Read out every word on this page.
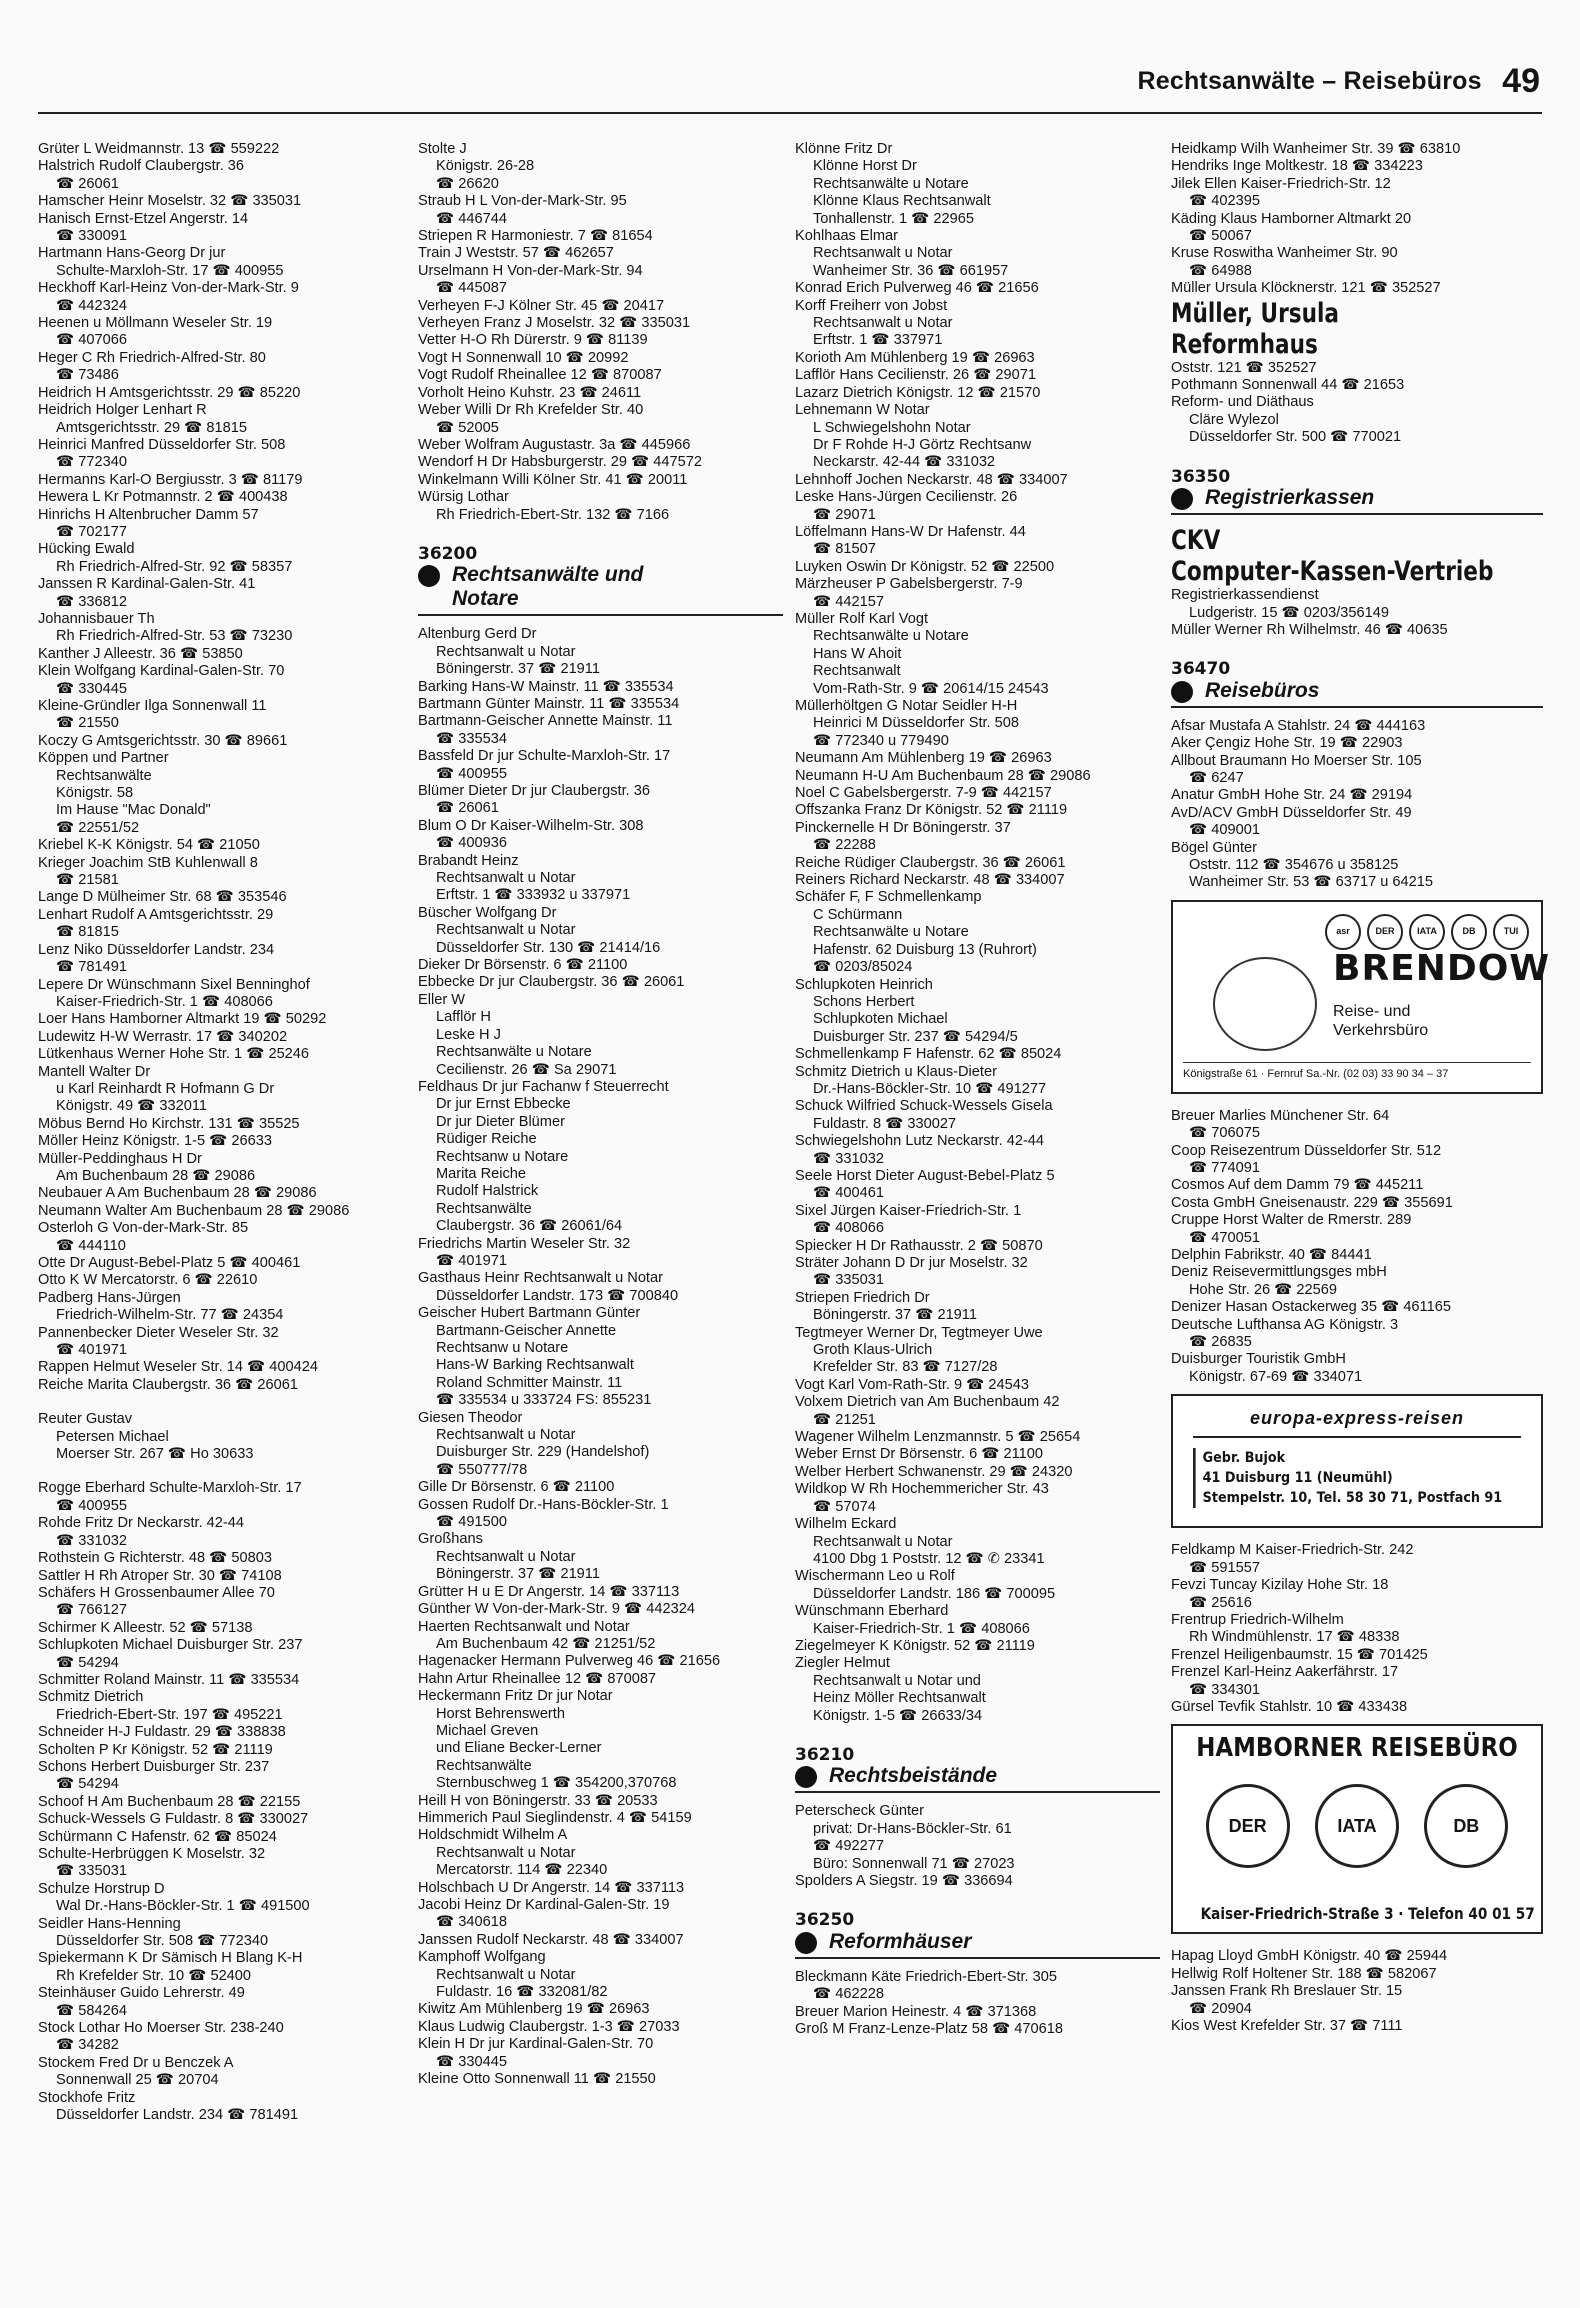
Rechtsanwälte – Reisebüros 49
Grüter L Weidmannstr. 13 ☎ 559222
Halstrich Rudolf Claubergstr. 36
☎ 26061
Hamscher Heinr Moselstr. 32 ☎ 335031
Hanisch Ernst-Etzel Angerstr. 14
☎ 330091
Hartmann Hans-Georg Dr jur
Schulte-Marxloh-Str. 17 ☎ 400955
Heckhoff Karl-Heinz Von-der-Mark-Str. 9
☎ 442324
Heenen u Möllmann Weseler Str. 19
☎ 407066
Heger C Rh Friedrich-Alfred-Str. 80
☎ 73486
Heidrich H Amtsgerichtsstr. 29 ☎ 85220
Heidrich Holger Lenhart R
Amtsgerichtsstr. 29 ☎ 81815
Heinrici Manfred Düsseldorfer Str. 508
☎ 772340
Hermanns Karl-O Bergiusstr. 3 ☎ 81179
Hewera L Kr Potmannstr. 2 ☎ 400438
Hinrichs H Altenbrucher Damm 57
☎ 702177
Hücking Ewald
Rh Friedrich-Alfred-Str. 92 ☎ 58357
Janssen R Kardinal-Galen-Str. 41
☎ 336812
Johannisbauer Th
Rh Friedrich-Alfred-Str. 53 ☎ 73230
Kanther J Alleestr. 36 ☎ 53850
Klein Wolfgang Kardinal-Galen-Str. 70
☎ 330445
Kleine-Gründler Ilga Sonnenwall 11
☎ 21550
Koczy G Amtsgerichtsstr. 30 ☎ 89661
Köppen und Partner
Rechtsanwälte
Königstr. 58
Im Hause "Mac Donald"
☎ 22551/52
Kriebel K-K Königstr. 54 ☎ 21050
Krieger Joachim StB Kuhlenwall 8
☎ 21581
Lange D Mülheimer Str. 68 ☎ 353546
Lenhart Rudolf A Amtsgerichtsstr. 29
☎ 81815
Lenz Niko Düsseldorfer Landstr. 234
☎ 781491
Lepere Dr Wünschmann Sixel Benninghof
Kaiser-Friedrich-Str. 1 ☎ 408066
Loer Hans Hamborner Altmarkt 19 ☎ 50292
Ludewitz H-W Werrastr. 17 ☎ 340202
Lütkenhaus Werner Hohe Str. 1 ☎ 25246
Mantell Walter Dr
u Karl Reinhardt R Hofmann G Dr
Königstr. 49 ☎ 332011
Möbus Bernd Ho Kirchstr. 131 ☎ 35525
Möller Heinz Königstr. 1-5 ☎ 26633
Müller-Peddinghaus H Dr
Am Buchenbaum 28 ☎ 29086
Neubauer A Am Buchenbaum 28 ☎ 29086
Neumann Walter Am Buchenbaum 28 ☎ 29086
Osterloh G Von-der-Mark-Str. 85
☎ 444110
Otte Dr August-Bebel-Platz 5 ☎ 400461
Otto K W Mercatorstr. 6 ☎ 22610
Padberg Hans-Jürgen
Friedrich-Wilhelm-Str. 77 ☎ 24354
Pannenbecker Dieter Weseler Str. 32
☎ 401971
Rappen Helmut Weseler Str. 14 ☎ 400424
Reiche Marita Claubergstr. 36 ☎ 26061
Reuter Gustav
Petersen Michael
Moerser Str. 267 ☎ Ho 30633
Rogge Eberhard Schulte-Marxloh-Str. 17
☎ 400955
Rohde Fritz Dr Neckarstr. 42-44
☎ 331032
Rothstein G Richterstr. 48 ☎ 50803
Sattler H Rh Atroper Str. 30 ☎ 74108
Schäfers H Grossenbaumer Allee 70
☎ 766127
Schirmer K Alleestr. 52 ☎ 57138
Schlupkoten Michael Duisburger Str. 237
☎ 54294
Schmitter Roland Mainstr. 11 ☎ 335534
Schmitz Dietrich
Friedrich-Ebert-Str. 197 ☎ 495221
Schneider H-J Fuldastr. 29 ☎ 338838
Scholten P Kr Königstr. 52 ☎ 21119
Schons Herbert Duisburger Str. 237
☎ 54294
Schoof H Am Buchenbaum 28 ☎ 22155
Schuck-Wessels G Fuldastr. 8 ☎ 330027
Schürmann C Hafenstr. 62 ☎ 85024
Schulte-Herbrüggen K Moselstr. 32
☎ 335031
Schulze Horstrup D
Wal Dr.-Hans-Böckler-Str. 1 ☎ 491500
Seidler Hans-Henning
Düsseldorfer Str. 508 ☎ 772340
Spiekermann K Dr Sämisch H Blang K-H
Rh Krefelder Str. 10 ☎ 52400
Steinhäuser Guido Lehrerstr. 49
☎ 584264
Stock Lothar Ho Moerser Str. 238-240
☎ 34282
Stockem Fred Dr u Benczek A
Sonnenwall 25 ☎ 20704
Stockhofe Fritz
Düsseldorfer Landstr. 234 ☎ 781491
Stolte J
Königstr. 26-28
☎ 26620
Straub H L Von-der-Mark-Str. 95
☎ 446744
Striepen R Harmoniestr. 7 ☎ 81654
Train J Weststr. 57 ☎ 462657
Urselmann H Von-der-Mark-Str. 94
☎ 445087
Verheyen F-J Kölner Str. 45 ☎ 20417
Verheyen Franz J Moselstr. 32 ☎ 335031
Vetter H-O Rh Dürerstr. 9 ☎ 81139
Vogt H Sonnenwall 10 ☎ 20992
Vogt Rudolf Rheinallee 12 ☎ 870087
Vorholt Heino Kuhstr. 23 ☎ 24611
Weber Willi Dr Rh Krefelder Str. 40
☎ 52005
Weber Wolfram Augustastr. 3a ☎ 445966
Wendorf H Dr Habsburgerstr. 29 ☎ 447572
Winkelmann Willi Kölner Str. 41 ☎ 20011
Würsig Lothar
Rh Friedrich-Ebert-Str. 132 ☎ 7166
36200
Rechtsanwälte und
Notare
Altenburg Gerd Dr
Rechtsanwalt u Notar
Böningerstr. 37 ☎ 21911
Barking Hans-W Mainstr. 11 ☎ 335534
Bartmann Günter Mainstr. 11 ☎ 335534
Bartmann-Geischer Annette Mainstr. 11
☎ 335534
Bassfeld Dr jur Schulte-Marxloh-Str. 17
☎ 400955
Blümer Dieter Dr jur Claubergstr. 36
☎ 26061
Blum O Dr Kaiser-Wilhelm-Str. 308
☎ 400936
Brabandt Heinz
Rechtsanwalt u Notar
Erftstr. 1 ☎ 333932 u 337971
Büscher Wolfgang Dr
Rechtsanwalt u Notar
Düsseldorfer Str. 130 ☎ 21414/16
Dieker Dr Börsenstr. 6 ☎ 21100
Ebbecke Dr jur Claubergstr. 36 ☎ 26061
Eller W
Lafflör H
Leske H J
Rechtsanwälte u Notare
Cecilienstr. 26 ☎ Sa 29071
Feldhaus Dr jur Fachanw f Steuerrecht
Dr jur Ernst Ebbecke
Dr jur Dieter Blümer
Rüdiger Reiche
Rechtsanw u Notare
Marita Reiche
Rudolf Halstrick
Rechtsanwälte
Claubergstr. 36 ☎ 26061/64
Friedrichs Martin Weseler Str. 32
☎ 401971
Gasthaus Heinr Rechtsanwalt u Notar
Düsseldorfer Landstr. 173 ☎ 700840
Geischer Hubert Bartmann Günter
Bartmann-Geischer Annette
Rechtsanw u Notare
Hans-W Barking Rechtsanwalt
Roland Schmitter Mainstr. 11
☎ 335534 u 333724 FS: 855231
Giesen Theodor
Rechtsanwalt u Notar
Duisburger Str. 229 (Handelshof)
☎ 550777/78
Gille Dr Börsenstr. 6 ☎ 21100
Gossen Rudolf Dr.-Hans-Böckler-Str. 1
☎ 491500
Großhans
Rechtsanwalt u Notar
Böningerstr. 37 ☎ 21911
Grütter H u E Dr Angerstr. 14 ☎ 337113
Günther W Von-der-Mark-Str. 9 ☎ 442324
Haerten Rechtsanwalt und Notar
Am Buchenbaum 42 ☎ 21251/52
Hagenacker Hermann Pulverweg 46 ☎ 21656
Hahn Artur Rheinallee 12 ☎ 870087
Heckermann Fritz Dr jur Notar
Horst Behrenswerth
Michael Greven
und Eliane Becker-Lerner
Rechtsanwälte
Sternbuschweg 1 ☎ 354200,370768
Heill H von Böningerstr. 33 ☎ 20533
Himmerich Paul Sieglindenstr. 4 ☎ 54159
Holdschmidt Wilhelm A
Rechtsanwalt u Notar
Mercatorstr. 114 ☎ 22340
Holschbach U Dr Angerstr. 14 ☎ 337113
Jacobi Heinz Dr Kardinal-Galen-Str. 19
☎ 340618
Janssen Rudolf Neckarstr. 48 ☎ 334007
Kamphoff Wolfgang
Rechtsanwalt u Notar
Fuldastr. 16 ☎ 332081/82
Kiwitz Am Mühlenberg 19 ☎ 26963
Klaus Ludwig Claubergstr. 1-3 ☎ 27033
Klein H Dr jur Kardinal-Galen-Str. 70
☎ 330445
Kleine Otto Sonnenwall 11 ☎ 21550
Klönne Fritz Dr
Klönne Horst Dr
Rechtsanwälte u Notare
Klönne Klaus Rechtsanwalt
Tonhallenstr. 1 ☎ 22965
Kohlhaas Elmar
Rechtsanwalt u Notar
Wanheimer Str. 36 ☎ 661957
Konrad Erich Pulverweg 46 ☎ 21656
Korff Freiherr von Jobst
Rechtsanwalt u Notar
Erftstr. 1 ☎ 337971
Korioth Am Mühlenberg 19 ☎ 26963
Lafflör Hans Cecilienstr. 26 ☎ 29071
Lazarz Dietrich Königstr. 12 ☎ 21570
Lehnemann W Notar
L Schwiegelshohn Notar
Dr F Rohde H-J Görtz Rechtsanw
Neckarstr. 42-44 ☎ 331032
Lehnhoff Jochen Neckarstr. 48 ☎ 334007
Leske Hans-Jürgen Cecilienstr. 26
☎ 29071
Löffelmann Hans-W Dr Hafenstr. 44
☎ 81507
Luyken Oswin Dr Königstr. 52 ☎ 22500
Märzheuser P Gabelsbergerstr. 7-9
☎ 442157
Müller Rolf Karl Vogt
Rechtsanwälte u Notare
Hans W Ahoit
Rechtsanwalt
Vom-Rath-Str. 9 ☎ 20614/15 24543
Müllerhöltgen G Notar Seidler H-H
Heinrici M Düsseldorfer Str. 508
☎ 772340 u 779490
Neumann Am Mühlenberg 19 ☎ 26963
Neumann H-U Am Buchenbaum 28 ☎ 29086
Noel C Gabelsbergerstr. 7-9 ☎ 442157
Offszanka Franz Dr Königstr. 52 ☎ 21119
Pinckernelle H Dr Böningerstr. 37
☎ 22288
Reiche Rüdiger Claubergstr. 36 ☎ 26061
Reiners Richard Neckarstr. 48 ☎ 334007
Schäfer F, F Schmellenkamp
C Schürmann
Rechtsanwälte u Notare
Hafenstr. 62 Duisburg 13 (Ruhrort)
☎ 0203/85024
Schlupkoten Heinrich
Schons Herbert
Schlupkoten Michael
Duisburger Str. 237 ☎ 54294/5
Schmellenkamp F Hafenstr. 62 ☎ 85024
Schmitz Dietrich u Klaus-Dieter
Dr.-Hans-Böckler-Str. 10 ☎ 491277
Schuck Wilfried Schuck-Wessels Gisela
Fuldastr. 8 ☎ 330027
Schwiegelshohn Lutz Neckarstr. 42-44
☎ 331032
Seele Horst Dieter August-Bebel-Platz 5
☎ 400461
Sixel Jürgen Kaiser-Friedrich-Str. 1
☎ 408066
Spiecker H Dr Rathausstr. 2 ☎ 50870
Sträter Johann D Dr jur Moselstr. 32
☎ 335031
Striepen Friedrich Dr
Böningerstr. 37 ☎ 21911
Tegtmeyer Werner Dr, Tegtmeyer Uwe
Groth Klaus-Ulrich
Krefelder Str. 83 ☎ 7127/28
Vogt Karl Vom-Rath-Str. 9 ☎ 24543
Volxem Dietrich van Am Buchenbaum 42
☎ 21251
Wagener Wilhelm Lenzmannstr. 5 ☎ 25654
Weber Ernst Dr Börsenstr. 6 ☎ 21100
Welber Herbert Schwanenstr. 29 ☎ 24320
Wildkop W Rh Hochemmericher Str. 43
☎ 57074
Wilhelm Eckard
Rechtsanwalt u Notar
4100 Dbg 1 Poststr. 12 ☎ ✆ 23341
Wischermann Leo u Rolf
Düsseldorfer Landstr. 186 ☎ 700095
Wünschmann Eberhard
Kaiser-Friedrich-Str. 1 ☎ 408066
Ziegelmeyer K Königstr. 52 ☎ 21119
Ziegler Helmut
Rechtsanwalt u Notar und
Heinz Möller Rechtsanwalt
Königstr. 1-5 ☎ 26633/34
36210
Rechtsbeistände
Peterscheck Günter
privat: Dr-Hans-Böckler-Str. 61
☎ 492277
Büro: Sonnenwall 71 ☎ 27023
Spolders A Siegstr. 19 ☎ 336694
36250
Reformhäuser
Bleckmann Käte Friedrich-Ebert-Str. 305
☎ 462228
Breuer Marion Heinestr. 4 ☎ 371368
Groß M Franz-Lenze-Platz 58 ☎ 470618
Heidkamp Wilh Wanheimer Str. 39 ☎ 63810
Hendriks Inge Moltkestr. 18 ☎ 334223
Jilek Ellen Kaiser-Friedrich-Str. 12
☎ 402395
Käding Klaus Hamborner Altmarkt 20
☎ 50067
Kruse Roswitha Wanheimer Str. 90
☎ 64988
Müller Ursula Klöcknerstr. 121 ☎ 352527
Müller, Ursula
Reformhaus
Oststr. 121 ☎ 352527
Pothmann Sonnenwall 44 ☎ 21653
Reform- und Diäthaus
Cläre Wylezol
Düsseldorfer Str. 500 ☎ 770021
36350
Registrierkassen
CKV
Computer-Kassen-Vertrieb
Registrierkassendienst
Ludgeristr. 15 ☎ 0203/356149
Müller Werner Rh Wilhelmstr. 46 ☎ 40635
36470
Reisebüros
Afsar Mustafa A Stahlstr. 24 ☎ 444163
Aker Çengiz Hohe Str. 19 ☎ 22903
Allbout Braumann Ho Moerser Str. 105
☎ 6247
Anatur GmbH Hohe Str. 24 ☎ 29194
AvD/ACV GmbH Düsseldorfer Str. 49
☎ 409001
Bögel Günter
Oststr. 112 ☎ 354676 u 358125
Wanheimer Str. 53 ☎ 63717 u 64215
asr	DER	IATA	DB	TUI
BRENDOW
Reise- und
Verkehrsbüro
Königstraße 61 · Fernruf Sa.-Nr. (02 03) 33 90 34 – 37
Breuer Marlies Münchener Str. 64
☎ 706075
Coop Reisezentrum Düsseldorfer Str. 512
☎ 774091
Cosmos Auf dem Damm 79 ☎ 445211
Costa GmbH Gneisenaustr. 229 ☎ 355691
Cruppe Horst Walter de Rmerstr. 289
☎ 470051
Delphin Fabrikstr. 40 ☎ 84441
Deniz Reisevermittlungsges mbH
Hohe Str. 26 ☎ 22569
Denizer Hasan Ostackerweg 35 ☎ 461165
Deutsche Lufthansa AG Königstr. 3
☎ 26835
Duisburger Touristik GmbH
Königstr. 67-69 ☎ 334071
europa-express-reisen
Gebr. Bujok
41 Duisburg 11 (Neumühl)
Stempelstr. 10, Tel. 58 30 71, Postfach 91
Feldkamp M Kaiser-Friedrich-Str. 242
☎ 591557
Fevzi Tuncay Kizilay Hohe Str. 18
☎ 25616
Frentrup Friedrich-Wilhelm
Rh Windmühlenstr. 17 ☎ 48338
Frenzel Heiligenbaumstr. 15 ☎ 701425
Frenzel Karl-Heinz Aakerfährstr. 17
☎ 334301
Gürsel Tevfik Stahlstr. 10 ☎ 433438
HAMBORNER REISEBÜRO
DER	IATA	DB
Kaiser-Friedrich-Straße 3 · Telefon 40 01 57
Hapag Lloyd GmbH Königstr. 40 ☎ 25944
Hellwig Rolf Holtener Str. 188 ☎ 582067
Janssen Frank Rh Breslauer Str. 15
☎ 20904
Kios West Krefelder Str. 37 ☎ 7111
